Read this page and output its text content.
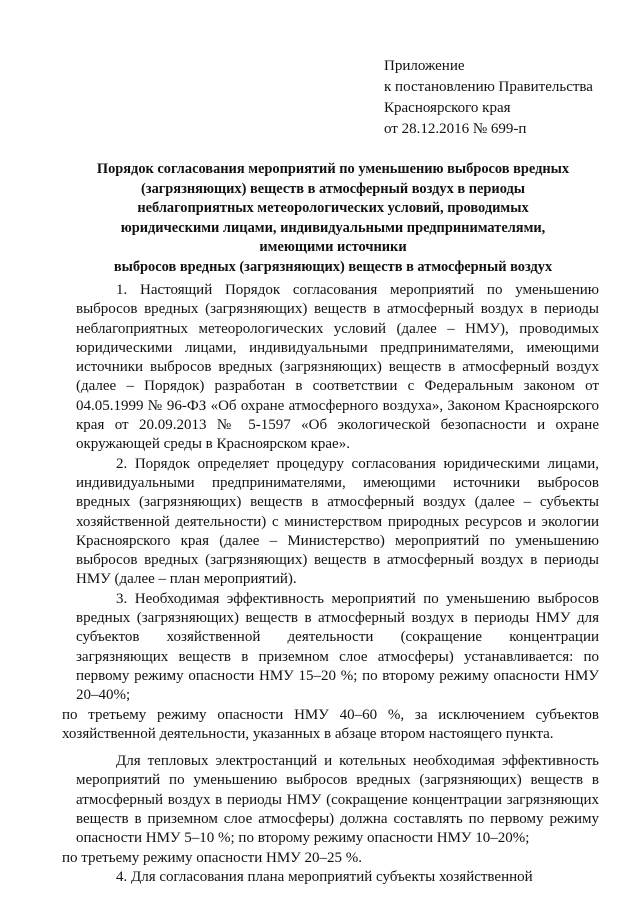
Приложение
к постановлению Правительства
Красноярского края
от 28.12.2016 № 699-п
Порядок согласования мероприятий по уменьшению выбросов вредных
(загрязняющих) веществ в атмосферный воздух в периоды
неблагоприятных метеорологических условий, проводимых
юридическими лицами, индивидуальными предпринимателями,
имеющими источники
выбросов вредных (загрязняющих) веществ в атмосферный воздух

1. Настоящий Порядок согласования мероприятий по уменьшению выбросов вредных (загрязняющих) веществ в атмосферный воздух в периоды неблагоприятных метеорологических условий (далее – НМУ), проводимых юридическими лицами, индивидуальными предпринимателями, имеющими источники выбросов вредных (загрязняющих) веществ в атмосферный воздух (далее – Порядок) разработан в соответствии с Федеральным законом от 04.05.1999 № 96-ФЗ «Об охране атмосферного воздуха», Законом Красноярского края от 20.09.2013 № 5-1597 «Об экологической безопасности и охране окружающей среды в Красноярском крае».

2. Порядок определяет процедуру согласования юридическими лицами, индивидуальными предпринимателями, имеющими источники выбросов вредных (загрязняющих) веществ в атмосферный воздух (далее – субъекты хозяйственной деятельности) с министерством природных ресурсов и экологии Красноярского края (далее – Министерство) мероприятий по уменьшению выбросов вредных (загрязняющих) веществ в атмосферный воздух в периоды НМУ (далее – план мероприятий).

3. Необходимая эффективность мероприятий по уменьшению выбросов вредных (загрязняющих) веществ в атмосферный воздух в периоды НМУ для субъектов хозяйственной деятельности (сокращение концентрации загрязняющих веществ в приземном слое атмосферы) устанавливается: по первому режиму опасности НМУ 15–20 %; по второму режиму опасности НМУ 20–40%;

по третьему режиму опасности НМУ 40–60 %, за исключением субъектов хозяйственной деятельности, указанных в абзаце втором настоящего пункта.

Для тепловых электростанций и котельных необходимая эффективность мероприятий по уменьшению выбросов вредных (загрязняющих) веществ в атмосферный воздух в периоды НМУ (сокращение концентрации загрязняющих веществ в приземном слое атмосферы) должна составлять по первому режиму опасности НМУ 5–10 %; по второму режиму опасности НМУ 10–20%;

по третьему режиму опасности НМУ 20–25 %.

4. Для согласования плана мероприятий субъекты хозяйственной
